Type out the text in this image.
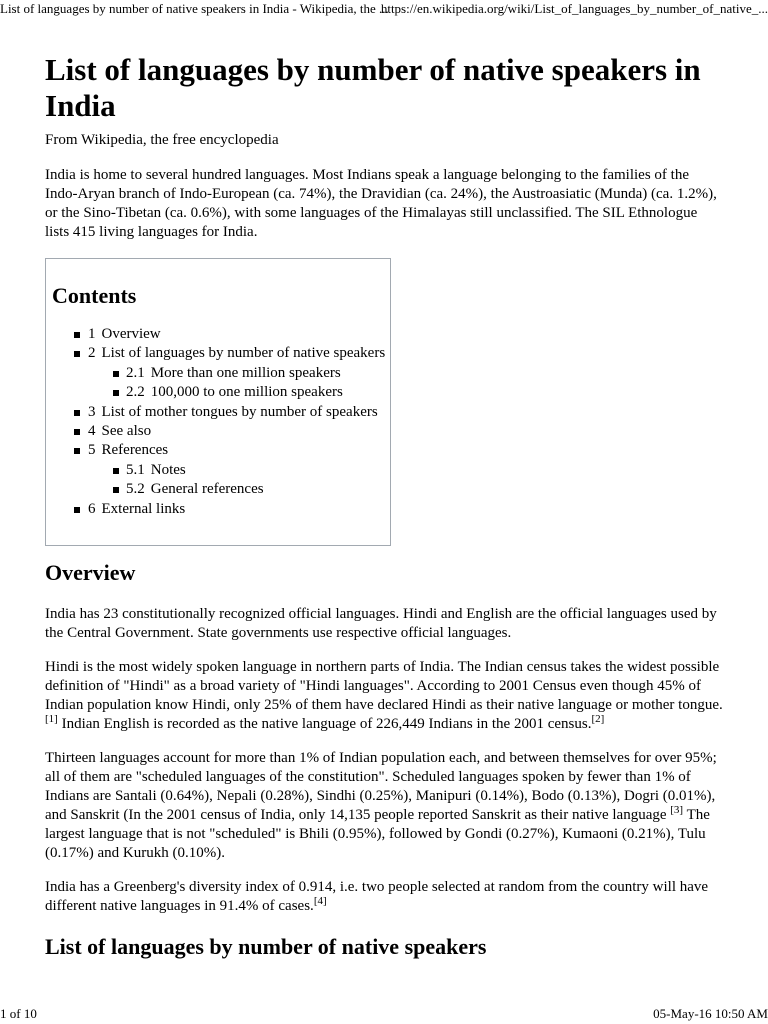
List of languages by number of native speakers in India - Wikipedia, the ...
https://en.wikipedia.org/wiki/List_of_languages_by_number_of_native_...
List of languages by number of native speakers in India
From Wikipedia, the free encyclopedia

India is home to several hundred languages. Most Indians speak a language belonging to the families of the Indo-Aryan branch of Indo-European (ca. 74%), the Dravidian (ca. 24%), the Austroasiatic (Munda) (ca. 1.2%), or the Sino-Tibetan (ca. 0.6%), with some languages of the Himalayas still unclassified. The SIL Ethnologue lists 415 living languages for India.

Contents
1 Overview
2 List of languages by number of native speakers
2.1 More than one million speakers
2.2 100,000 to one million speakers
3 List of mother tongues by number of speakers
4 See also
5 References
5.1 Notes
5.2 General references
6 External links
Overview

India has 23 constitutionally recognized official languages. Hindi and English are the official languages used by the Central Government. State governments use respective official languages.

Hindi is the most widely spoken language in northern parts of India. The Indian census takes the widest possible definition of "Hindi" as a broad variety of "Hindi languages". According to 2001 Census even though 45% of Indian population know Hindi, only 25% of them have declared Hindi as their native language or mother tongue.[1] Indian English is recorded as the native language of 226,449 Indians in the 2001 census.[2]

Thirteen languages account for more than 1% of Indian population each, and between themselves for over 95%; all of them are "scheduled languages of the constitution". Scheduled languages spoken by fewer than 1% of Indians are Santali (0.64%), Nepali (0.28%), Sindhi (0.25%), Manipuri (0.14%), Bodo (0.13%), Dogri (0.01%), and Sanskrit (In the 2001 census of India, only 14,135 people reported Sanskrit as their native language [3] The largest language that is not "scheduled" is Bhili (0.95%), followed by Gondi (0.27%), Kumaoni (0.21%), Tulu (0.17%) and Kurukh (0.10%).

India has a Greenberg's diversity index of 0.914, i.e. two people selected at random from the country will have different native languages in 91.4% of cases.[4]

List of languages by number of native speakers
1 of 10	05-May-16 10:50 AM
